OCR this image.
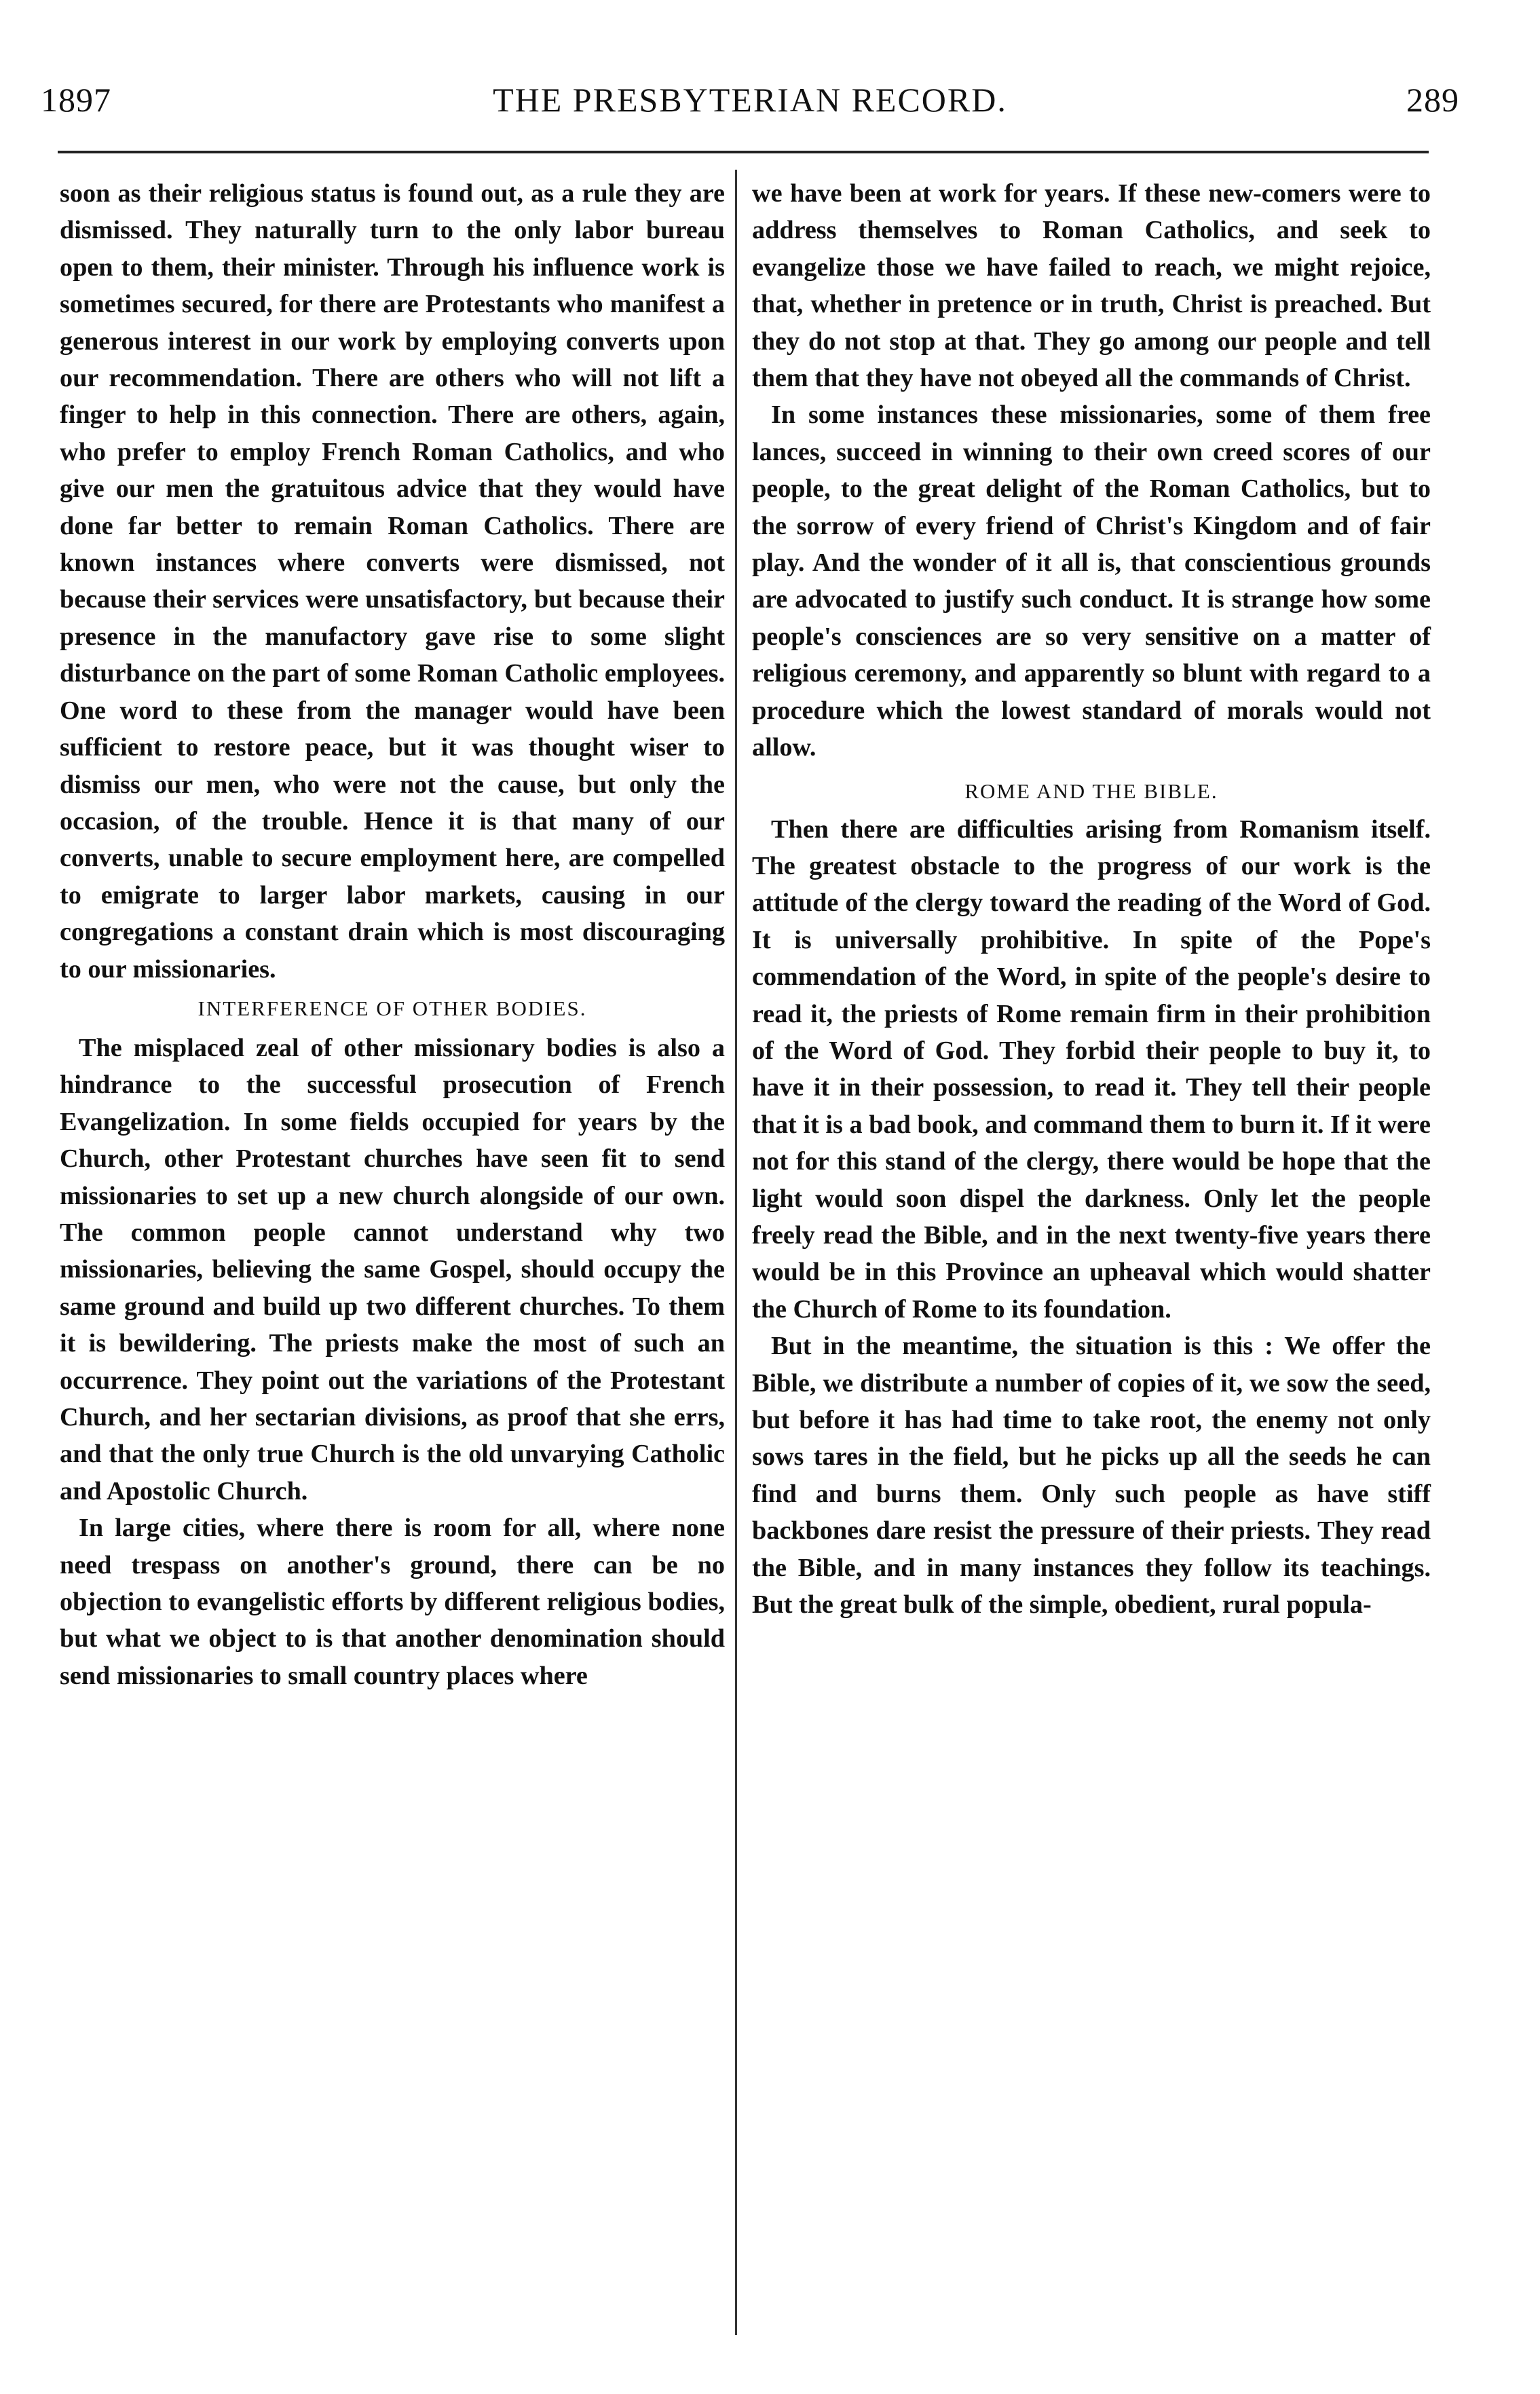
1897	THE PRESBYTERIAN RECORD.	289

soon as their religious status is found out, as a rule they are dismissed. They naturally turn to the only labor bureau open to them, their minister. Through his influence work is sometimes secured, for there are Protestants who manifest a generous interest in our work by employing converts upon our recommendation. There are others who will not lift a finger to help in this connection. There are others, again, who prefer to employ French Roman Catholics, and who give our men the gratuitous advice that they would have done far better to remain Roman Catholics. There are known instances where converts were dismissed, not because their services were unsatisfactory, but because their presence in the manufactory gave rise to some slight disturbance on the part of some Roman Catholic employees. One word to these from the manager would have been sufficient to restore peace, but it was thought wiser to dismiss our men, who were not the cause, but only the occasion, of the trouble. Hence it is that many of our converts, unable to secure employment here, are compelled to emigrate to larger labor markets, causing in our congregations a constant drain which is most discouraging to our missionaries.

INTERFERENCE OF OTHER BODIES.

The misplaced zeal of other missionary bodies is also a hindrance to the successful prosecution of French Evangelization. In some fields occupied for years by the Church, other Protestant churches have seen fit to send missionaries to set up a new church alongside of our own. The common people cannot understand why two missionaries, believing the same Gospel, should occupy the same ground and build up two different churches. To them it is bewildering. The priests make the most of such an occurrence. They point out the variations of the Protestant Church, and her sectarian divisions, as proof that she errs, and that the only true Church is the old unvarying Catholic and Apostolic Church.

In large cities, where there is room for all, where none need trespass on another's ground, there can be no objection to evangelistic efforts by different religious bodies, but what we object to is that another denomination should send missionaries to small country places where

we have been at work for years. If these new-comers were to address themselves to Roman Catholics, and seek to evangelize those we have failed to reach, we might rejoice, that, whether in pretence or in truth, Christ is preached. But they do not stop at that. They go among our people and tell them that they have not obeyed all the commands of Christ.

In some instances these missionaries, some of them free lances, succeed in winning to their own creed scores of our people, to the great delight of the Roman Catholics, but to the sorrow of every friend of Christ's Kingdom and of fair play. And the wonder of it all is, that conscientious grounds are advocated to justify such conduct. It is strange how some people's consciences are so very sensitive on a matter of religious ceremony, and apparently so blunt with regard to a procedure which the lowest standard of morals would not allow.

ROME AND THE BIBLE.

Then there are difficulties arising from Romanism itself. The greatest obstacle to the progress of our work is the attitude of the clergy toward the reading of the Word of God. It is universally prohibitive. In spite of the Pope's commendation of the Word, in spite of the people's desire to read it, the priests of Rome remain firm in their prohibition of the Word of God. They forbid their people to buy it, to have it in their possession, to read it. They tell their people that it is a bad book, and command them to burn it. If it were not for this stand of the clergy, there would be hope that the light would soon dispel the darkness. Only let the people freely read the Bible, and in the next twenty-five years there would be in this Province an upheaval which would shatter the Church of Rome to its foundation.

But in the meantime, the situation is this : We offer the Bible, we distribute a number of copies of it, we sow the seed, but before it has had time to take root, the enemy not only sows tares in the field, but he picks up all the seeds he can find and burns them. Only such people as have stiff backbones dare resist the pressure of their priests. They read the Bible, and in many instances they follow its teachings. But the great bulk of the simple, obedient, rural popula-
